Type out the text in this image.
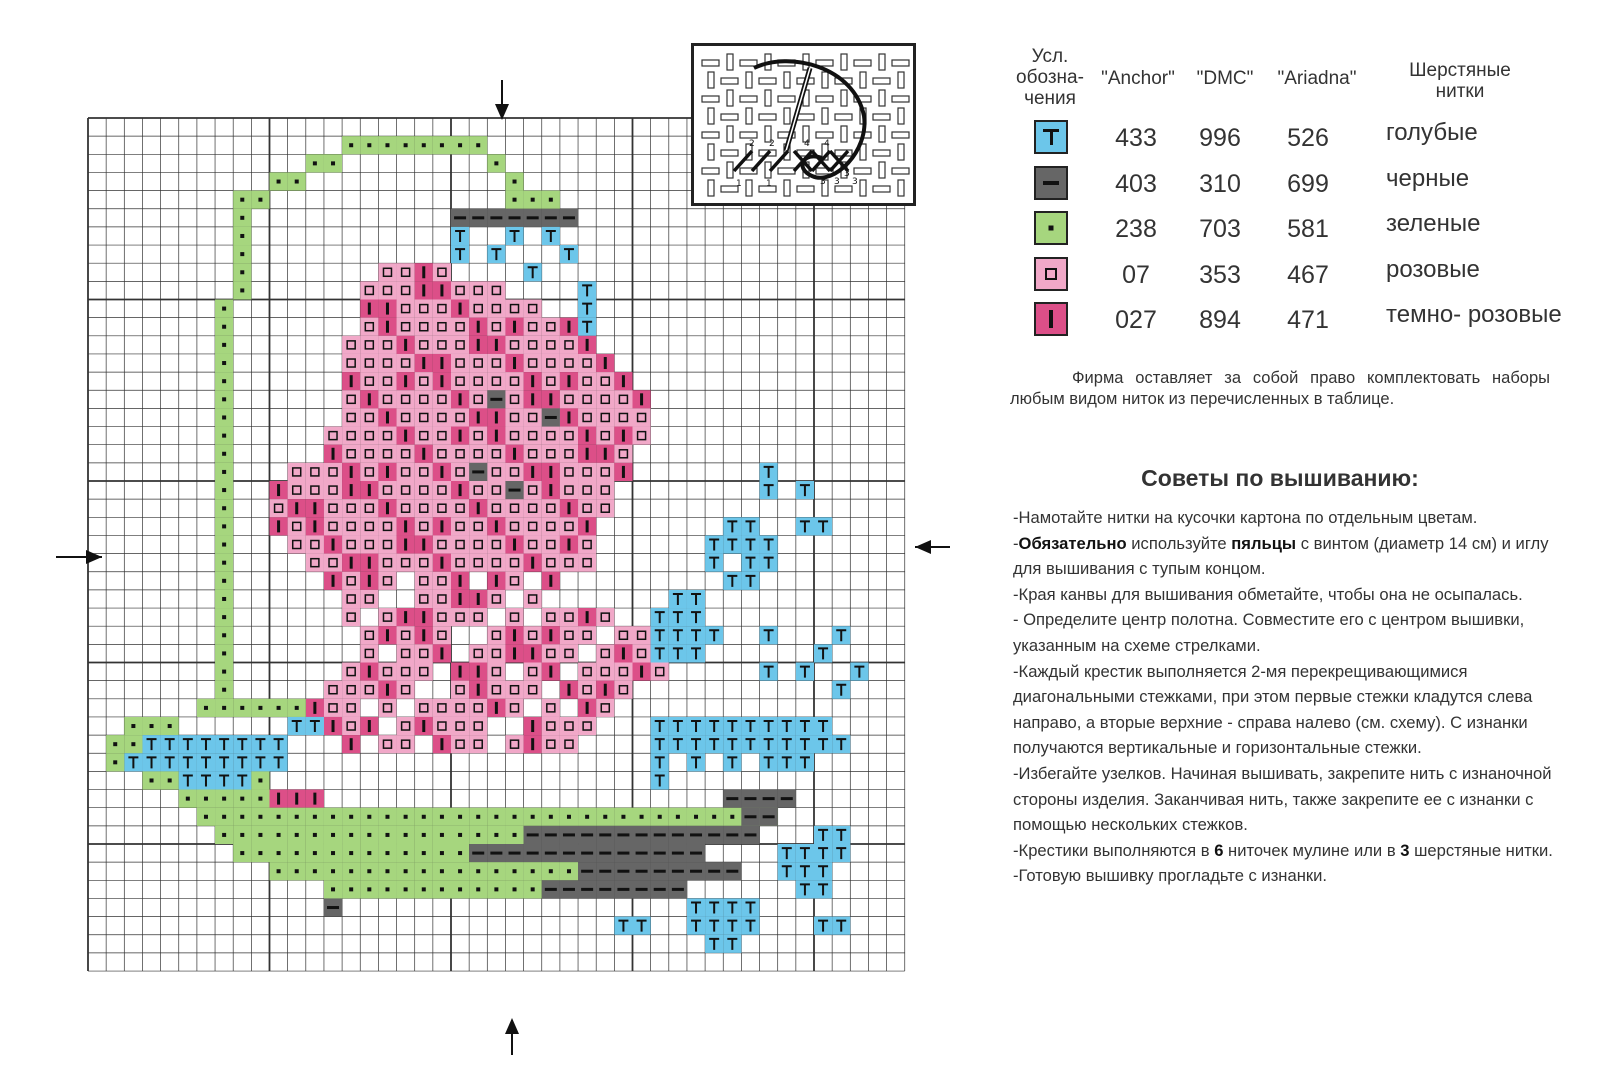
1
2 2
3
4 4
3 3
3
1
Усл. обозна- чения
"Anchor"	"DMC"	"Ariadna"	Шерстяные нитки
433	996	526	голубые
403	310	699	черные
238	703	581	зеленые
07	353	467	розовые
027	894	471	темно- розовые
Фирма оставляет за собой право комплектовать наборы любым видом ниток из перечисленных в таблице.
Советы по вышиванию:

-Намотайте нитки на кусочки картона по отдельным цветам.

-Обязательно используйте пяльцы с винтом (диаметр 14 см) и иглу для вышивания с тупым концом.

-Края канвы для вышивания обметайте, чтобы она не осыпалась.

- Определите центр полотна. Совместите его с центром вышивки, указанным на схеме стрелками.

-Каждый крестик выполняется 2-мя перекрещивающимися диагональными стежками, при этом первые стежки кладутся слева направо, а вторые верхние - справа налево (см. схему). С изнанки получаются вертикальные и горизонтальные стежки.

-Избегайте узелков. Начиная вышивать, закрепите нить с изнаночной стороны изделия. Заканчивая нить, также закрепите ее с изнанки с помощью нескольких стежков.

-Крестики выполняются в 6 ниточек мулине или в 3 шерстяные нитки.

-Готовую вышивку прогладьте с изнанки.
